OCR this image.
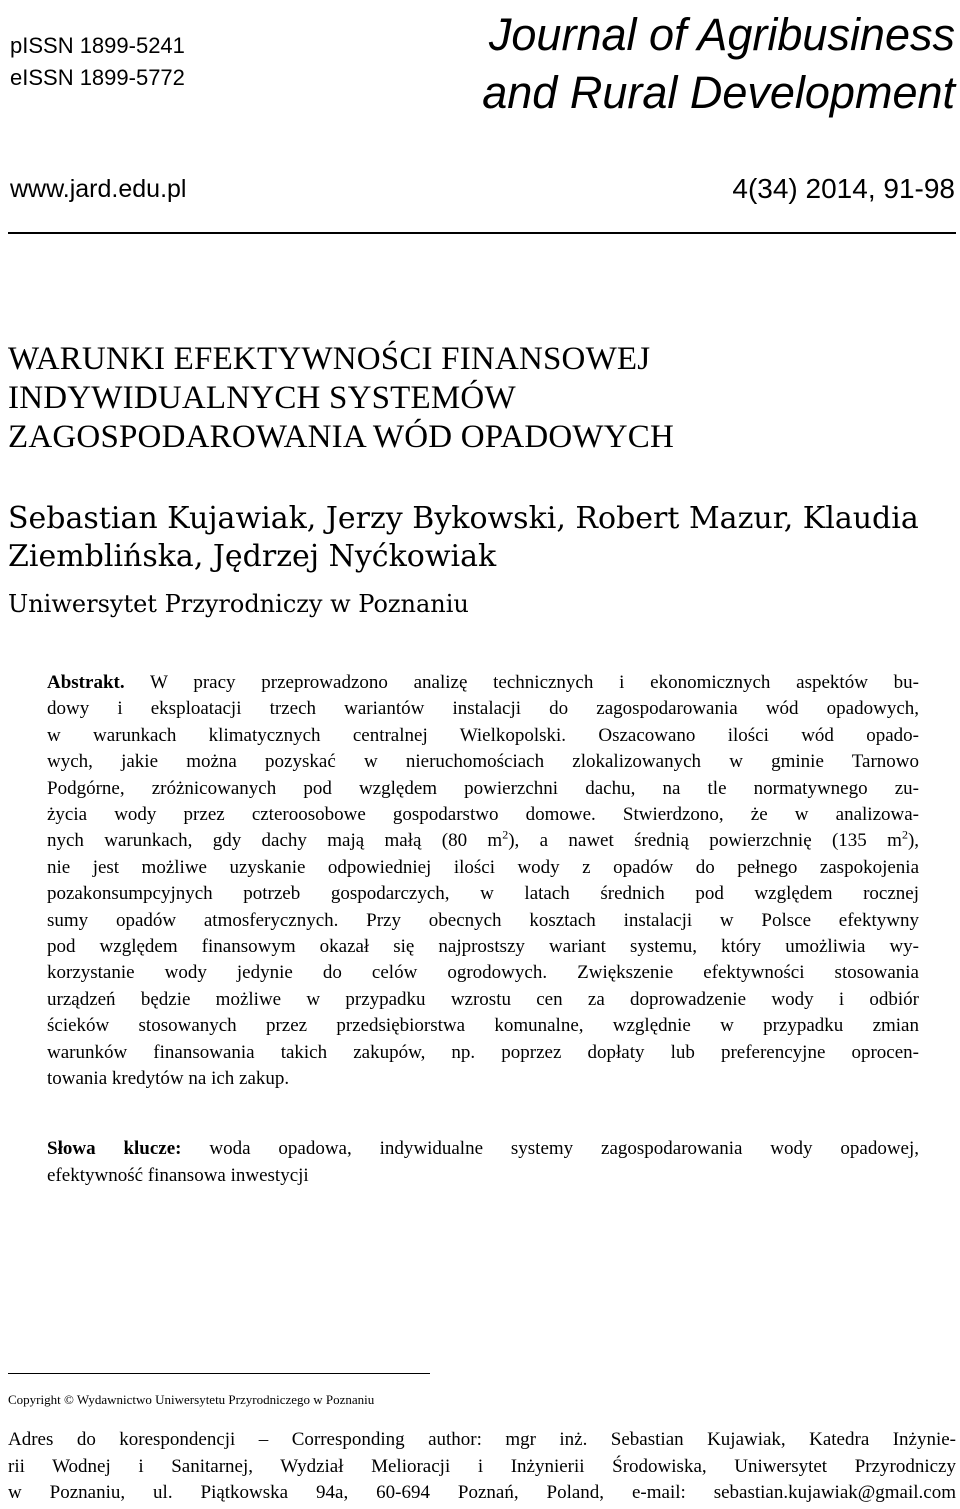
pISSN 1899-5241
eISSN 1899-5772
Journal of Agribusiness
and Rural Development
www.jard.edu.pl	4(34) 2014, 91-98
WARUNKI EFEKTYWNOŚCI FINANSOWEJ
INDYWIDUALNYCH SYSTEMÓW
ZAGOSPODAROWANIA WÓD OPADOWYCH
Sebastian Kujawiak, Jerzy Bykowski, Robert Mazur, Klaudia
Ziemblińska, Jędrzej Nyćkowiak
Uniwersytet Przyrodniczy w Poznaniu
Abstrakt. W pracy przeprowadzono analizę technicznych i ekonomicznych aspektów bu-
dowy i eksploatacji trzech wariantów instalacji do zagospodarowania wód opadowych,
w warunkach klimatycznych centralnej Wielkopolski. Oszacowano ilości wód opado-
wych, jakie można pozyskać w nieruchomościach zlokalizowanych w gminie Tarnowo
Podgórne, zróżnicowanych pod względem powierzchni dachu, na tle normatywnego zu-
życia wody przez czteroosobowe gospodarstwo domowe. Stwierdzono, że w analizowa-
nych warunkach, gdy dachy mają małą (80 $m^2$), a nawet średnią powierzchnię (135 $m^2$),
nie jest możliwe uzyskanie odpowiedniej ilości wody z opadów do pełnego zaspokojenia
pozakonsumpcyjnych potrzeb gospodarczych, w latach średnich pod względem rocznej
sumy opadów atmosferycznych. Przy obecnych kosztach instalacji w Polsce efektywny
pod względem finansowym okazał się najprostszy wariant systemu, który umożliwia wy-
korzystanie wody jedynie do celów ogrodowych. Zwiększenie efektywności stosowania
urządzeń będzie możliwe w przypadku wzrostu cen za doprowadzenie wody i odbiór
ścieków stosowanych przez przedsiębiorstwa komunalne, względnie w przypadku zmian
warunków finansowania takich zakupów, np. poprzez dopłaty lub preferencyjne oprocen-
towania kredytów na ich zakup.
Słowa klucze: woda opadowa, indywidualne systemy zagospodarowania wody opadowej,
efektywność finansowa inwestycji
Copyright © Wydawnictwo Uniwersytetu Przyrodniczego w Poznaniu
Adres do korespondencji – Corresponding author: mgr inż. Sebastian Kujawiak, Katedra Inżynie-
rii Wodnej i Sanitarnej, Wydział Melioracji i Inżynierii Środowiska, Uniwersytet Przyrodniczy
w Poznaniu, ul. Piątkowska 94a, 60-694 Poznań, Poland, e-mail: sebastian.kujawiak@gmail.com
